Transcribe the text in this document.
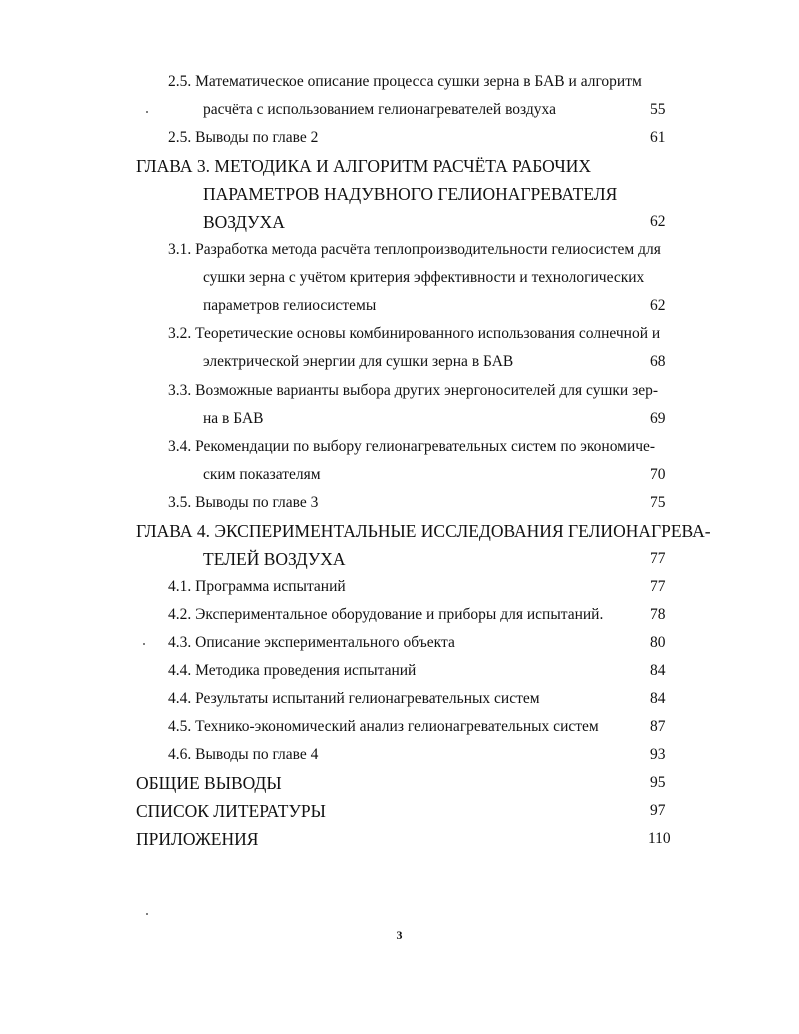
2.5. Математическое описание процесса сушки зерна в БАВ и алгоритм
расчёта с использованием гелионагревателей воздуха	55
2.5. Выводы по главе 2	61
ГЛАВА 3. МЕТОДИКА И АЛГОРИТМ РАСЧЁТА РАБОЧИХ
ПАРАМЕТРОВ НАДУВНОГО ГЕЛИОНАГРЕВАТЕЛЯ
ВОЗДУХА	62
3.1. Разработка метода расчёта теплопроизводительности гелиосистем для
сушки зерна с учётом критерия эффективности и технологических
параметров гелиосистемы	62
3.2. Теоретические основы комбинированного использования солнечной и
электрической энергии для сушки зерна в БАВ	68
3.3. Возможные варианты выбора других энергоносителей для сушки зер-
на в БАВ	69
3.4. Рекомендации по выбору гелионагревательных систем по экономиче-
ским показателям	70
3.5. Выводы по главе 3	75
ГЛАВА 4. ЭКСПЕРИМЕНТАЛЬНЫЕ ИССЛЕДОВАНИЯ ГЕЛИОНАГРЕВА-
ТЕЛЕЙ ВОЗДУХА	77
4.1. Программа испытаний	77
4.2. Экспериментальное оборудование и приборы для испытаний.	78
4.3. Описание экспериментального объекта	80
4.4. Методика проведения испытаний	84
4.4. Результаты испытаний гелионагревательных систем	84
4.5. Технико-экономический анализ гелионагревательных систем	87
4.6. Выводы по главе 4	93
ОБЩИЕ ВЫВОДЫ	95
СПИСОК ЛИТЕРАТУРЫ	97
ПРИЛОЖЕНИЯ	110
3
